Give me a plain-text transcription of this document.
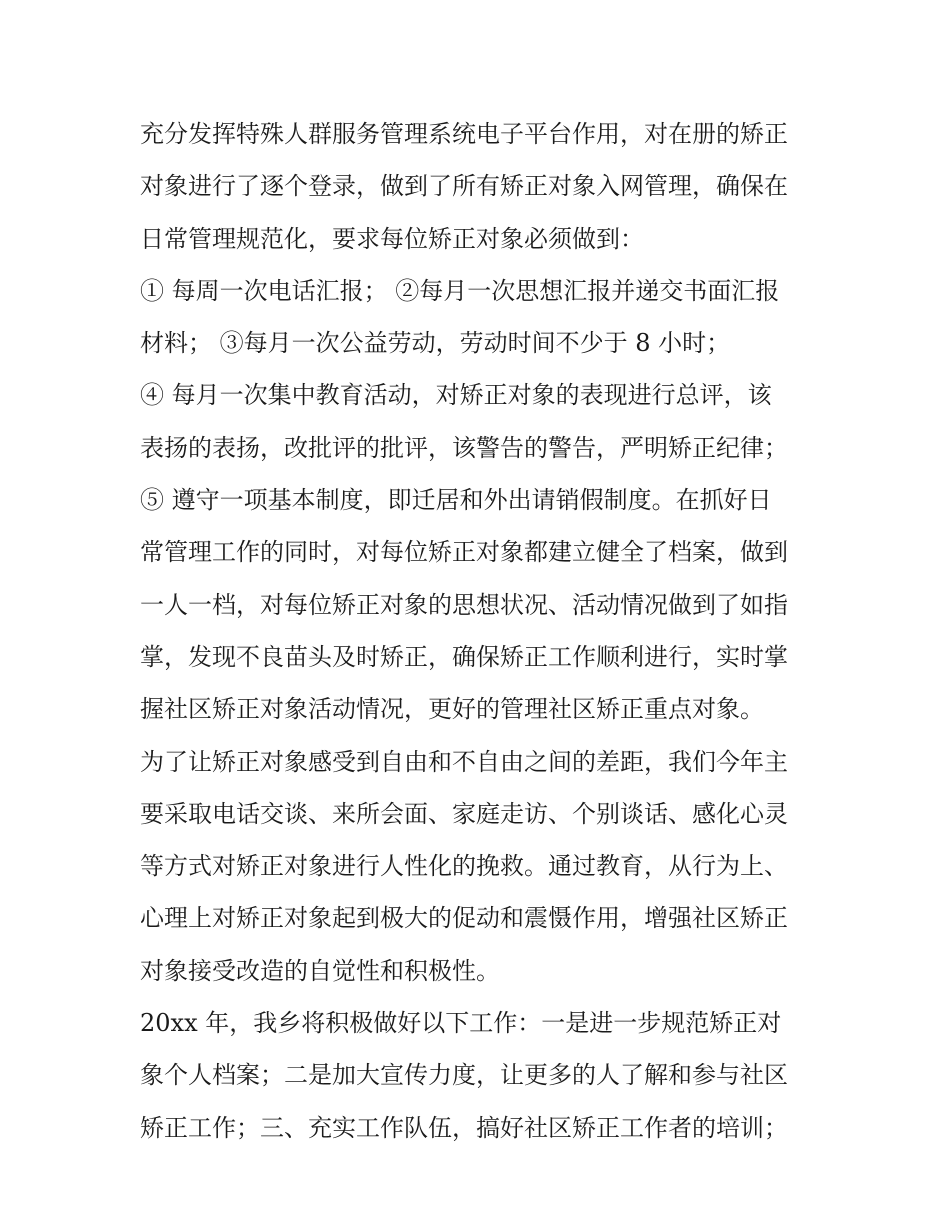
充分发挥特殊人群服务管理系统电子平台作用，对在册的矫正
对象进行了逐个登录，做到了所有矫正对象入网管理，确保在
日常管理规范化，要求每位矫正对象必须做到：
① 每周一次电话汇报； ②每月一次思想汇报并递交书面汇报
材料； ③每月一次公益劳动，劳动时间不少于 8 小时；
④ 每月一次集中教育活动，对矫正对象的表现进行总评，该
表扬的表扬，改批评的批评，该警告的警告，严明矫正纪律；
⑤ 遵守一项基本制度，即迁居和外出请销假制度。在抓好日
常管理工作的同时，对每位矫正对象都建立健全了档案，做到
一人一档，对每位矫正对象的思想状况、活动情况做到了如指
掌，发现不良苗头及时矫正，确保矫正工作顺利进行，实时掌
握社区矫正对象活动情况，更好的管理社区矫正重点对象。
为了让矫正对象感受到自由和不自由之间的差距，我们今年主
要采取电话交谈、来所会面、家庭走访、个别谈话、感化心灵
等方式对矫正对象进行人性化的挽救。通过教育，从行为上、
心理上对矫正对象起到极大的促动和震慑作用，增强社区矫正
对象接受改造的自觉性和积极性。
20xx 年，我乡将积极做好以下工作：一是进一步规范矫正对
象个人档案；二是加大宣传力度，让更多的人了解和参与社区
矫正工作；三、充实工作队伍，搞好社区矫正工作者的培训；
